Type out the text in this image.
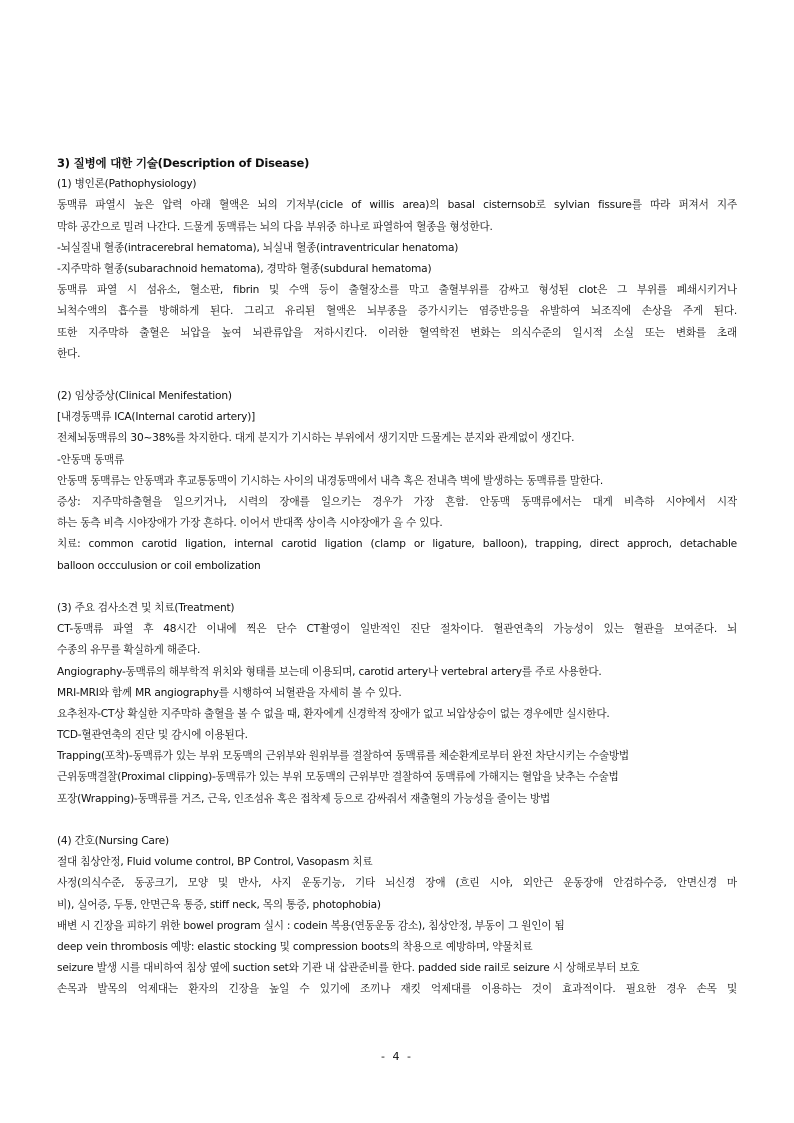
3) 질병에 대한 기술(Description of Disease)
(1) 병인론(Pathophysiology)
동맥류 파열시 높은 압력 아래 혈액은 뇌의 기저부(cicle of willis area)의 basal cisternsob로 sylvian fissure를 따라 퍼져서 지주
막하 공간으로 밀려 나간다. 드물게 동맥류는 뇌의 다음 부위중 하나로 파열하여 혈종을 형성한다.
-뇌실질내 혈종(intracerebral hematoma), 뇌실내 혈종(intraventricular henatoma)
-지주막하 혈종(subarachnoid hematoma), 경막하 혈종(subdural hematoma)
동맥류 파열 시 섬유소, 혈소판, fibrin 및 수액 등이 출혈장소를 막고 출혈부위를 감싸고 형성된 clot은 그 부위를 폐쇄시키거나
뇌척수액의 흡수를 방해하게 된다. 그리고 유리된 혈액은 뇌부종을 증가시키는 염증반응을 유발하여 뇌조직에 손상을 주게 된다.
또한 지주막하 출혈은 뇌압을 높여 뇌관류압을 저하시킨다. 이러한 혈역학전 변화는 의식수준의 일시적 소실 또는 변화를 초래
한다.
(2) 임상증상(Clinical Menifestation)
[내경동맥류 ICA(Internal carotid artery)]
전체뇌동맥류의 30~38%를 차지한다. 대게 분지가 기시하는 부위에서 생기지만 드물게는 분지와 관계없이 생긴다.
-안동맥 동맥류
안동맥 동맥류는 안동맥과 후교통동맥이 기시하는 사이의 내경동맥에서 내측 혹은 전내측 벽에 발생하는 동맥류를 말한다.
증상: 지주막하출혈을 일으키거나, 시력의 장애를 일으키는 경우가 가장 흔함. 안동맥 동맥류에서는 대게 비측하 시야에서 시작
하는 동측 비측 시야장애가 가장 흔하다. 이어서 반대쪽 상이측 시야장애가 올 수 있다.
치료: common carotid ligation, internal carotid ligation (clamp or ligature, balloon), trapping, direct approch, detachable
balloon occculusion or coil embolization
(3) 주요 검사소견 및 치료(Treatment)
CT-동맥류 파열 후 48시간 이내에 찍은 단수 CT촬영이 일반적인 진단 절차이다. 혈관연축의 가능성이 있는 혈관을 보여준다. 뇌
수종의 유무를 확실하게 해준다.
Angiography-동맥류의 해부학적 위치와 형태를 보는데 이용되며, carotid artery나 vertebral artery를 주로 사용한다.
MRI-MRI와 함께 MR angiography를 시행하여 뇌혈관을 자세히 볼 수 있다.
요추천자-CT상 확실한 지주막하 출혈을 볼 수 없을 때, 환자에게 신경학적 장애가 없고 뇌압상승이 없는 경우에만 실시한다.
TCD-혈관연축의 진단 및 감시에 이용된다.
Trapping(포착)-동맥류가 있는 부위 모동맥의 근위부와 원위부를 결찰하여 동맥류를 체순환계로부터 완전 차단시키는 수술방법
근위동맥결찰(Proximal clipping)-동맥류가 있는 부위 모동맥의 근위부만 결찰하여 동맥류에 가해지는 혈압을 낮추는 수술법
포장(Wrapping)-동맥류를 거즈, 근육, 인조섬유 혹은 접착제 등으로 감싸줘서 재출혈의 가능성을 줄이는 방법
(4) 간호(Nursing Care)
절대 침상안정, Fluid volume control, BP Control, Vasopasm 치료
사정(의식수준, 동공크기, 모양 및 반사, 사지 운동기능, 기타 뇌신경 장애 (흐린 시야, 외안근 운동장애 안검하수증, 안면신경 마
비), 실어증, 두통, 안면근육 통증, stiff neck, 목의 통증, photophobia)
배변 시 긴장을 피하기 위한 bowel program 실시 : codein 복용(연동운동 감소), 침상안정, 부동이 그 원인이 됨
deep vein thrombosis 예방: elastic stocking 및 compression boots의 착용으로 예방하며, 약물치료
seizure 발생 시를 대비하여 침상 옆에 suction set와 기관 내 삽관준비를 한다. padded side rail로 seizure 시 상해로부터 보호
손목과 발목의 억제대는 환자의 긴장을 높일 수 있기에 조끼나 재킷 억제대를 이용하는 것이 효과적이다. 필요한 경우 손목 및
- 4 -
